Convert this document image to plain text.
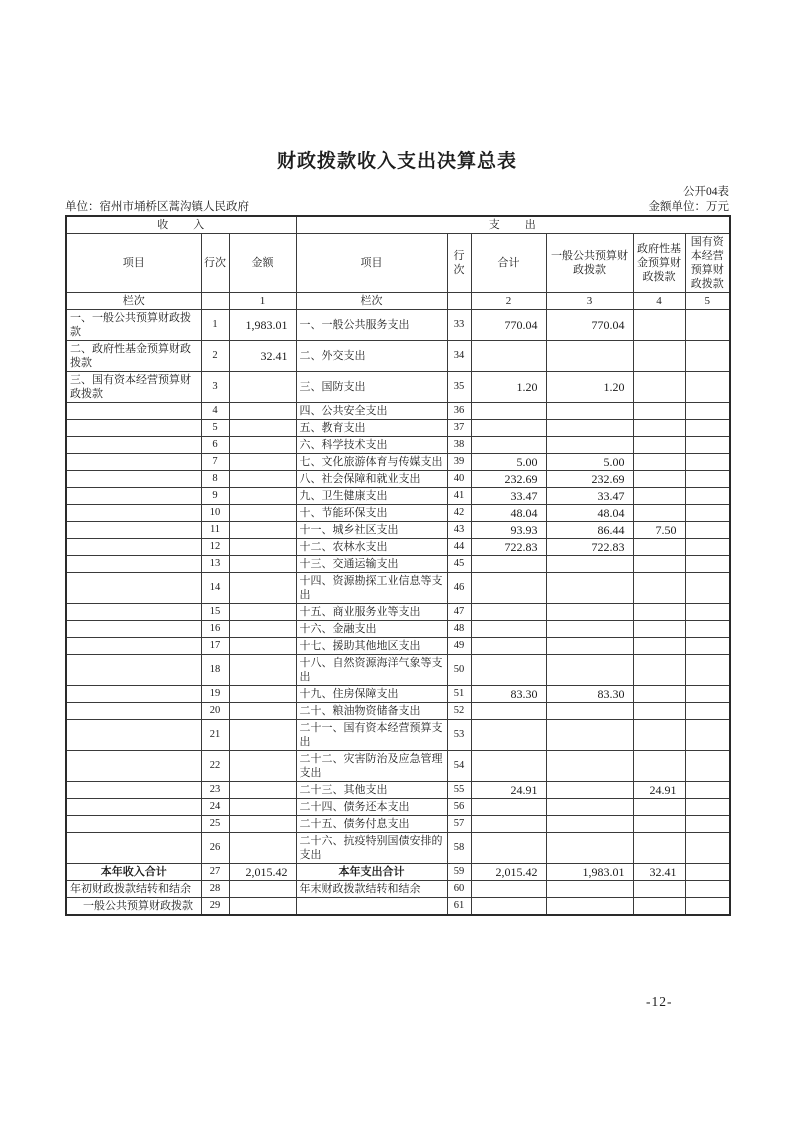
财政拨款收入支出决算总表
公开04表
单位：宿州市埇桥区蒿沟镇人民政府	金额单位：万元
收　　入			支　　出					
项目	行次	金额	项目	行次	合计	一般公共预算财政拨款	政府性基金预算财政拨款	国有资本经营预算财政拨款
栏次		1	栏次		2	3	4	5
一、一般公共预算财政拨款	1	1,983.01	一、一般公共服务支出	33	770.04	770.04		
二、政府性基金预算财政拨款	2	32.41	二、外交支出	34				
三、国有资本经营预算财政拨款	3		三、国防支出	35	1.20	1.20		
	4		四、公共安全支出	36				
	5		五、教育支出	37				
	6		六、科学技术支出	38				
	7		七、文化旅游体育与传媒支出	39	5.00	5.00		
	8		八、社会保障和就业支出	40	232.69	232.69		
	9		九、卫生健康支出	41	33.47	33.47		
	10		十、节能环保支出	42	48.04	48.04		
	11		十一、城乡社区支出	43	93.93	86.44	7.50	
	12		十二、农林水支出	44	722.83	722.83		
	13		十三、交通运输支出	45				
	14		十四、资源勘探工业信息等支出	46				
	15		十五、商业服务业等支出	47				
	16		十六、金融支出	48				
	17		十七、援助其他地区支出	49				
	18		十八、自然资源海洋气象等支出	50				
	19		十九、住房保障支出	51	83.30	83.30		
	20		二十、粮油物资储备支出	52				
	21		二十一、国有资本经营预算支出	53				
	22		二十二、灾害防治及应急管理支出	54				
	23		二十三、其他支出	55	24.91		24.91	
	24		二十四、债务还本支出	56				
	25		二十五、债务付息支出	57				
	26		二十六、抗疫特别国债安排的支出	58				
本年收入合计	27	2,015.42	本年支出合计	59	2,015.42	1,983.01	32.41	
年初财政拨款结转和结余	28		年末财政拨款结转和结余	60				
一般公共预算财政拨款	29			61				
-12-
